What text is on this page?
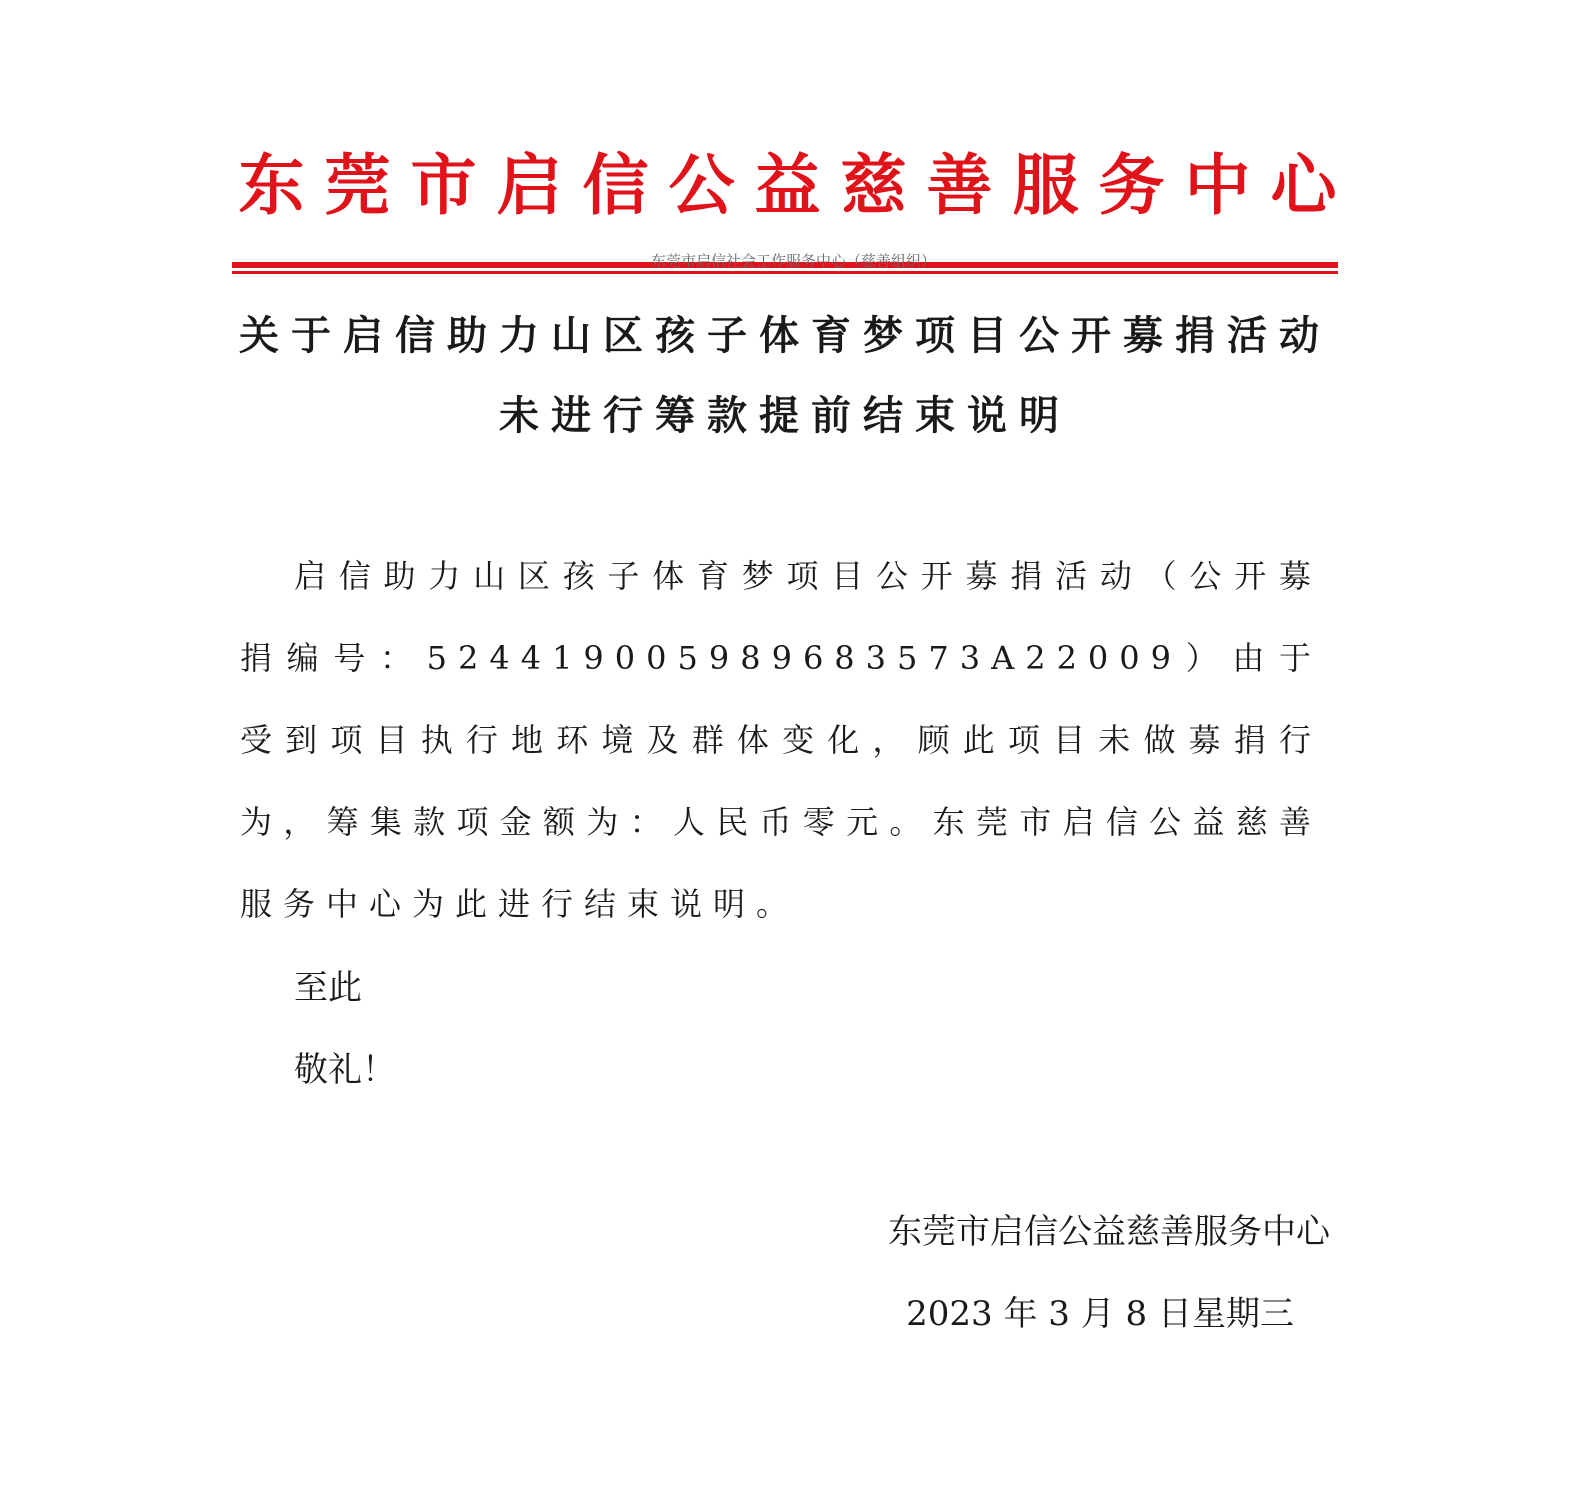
东莞市启信公益慈善服务中心
东莞市启信社会工作服务中心（慈善组织）
关于启信助力山区孩子体育梦项目公开募捐活动
未进行筹款提前结束说明
启信助力山区孩子体育梦项目公开募捐活动（公开募捐编号：524419005989683573A22009）由于受到项目执行地环境及群体变化，顾此项目未做募捐行为，筹集款项金额为：人民币零元。东莞市启信公益慈善服务中心为此进行结束说明。
至此
敬礼！
东莞市启信公益慈善服务中心
2023 年 3 月 8 日星期三
